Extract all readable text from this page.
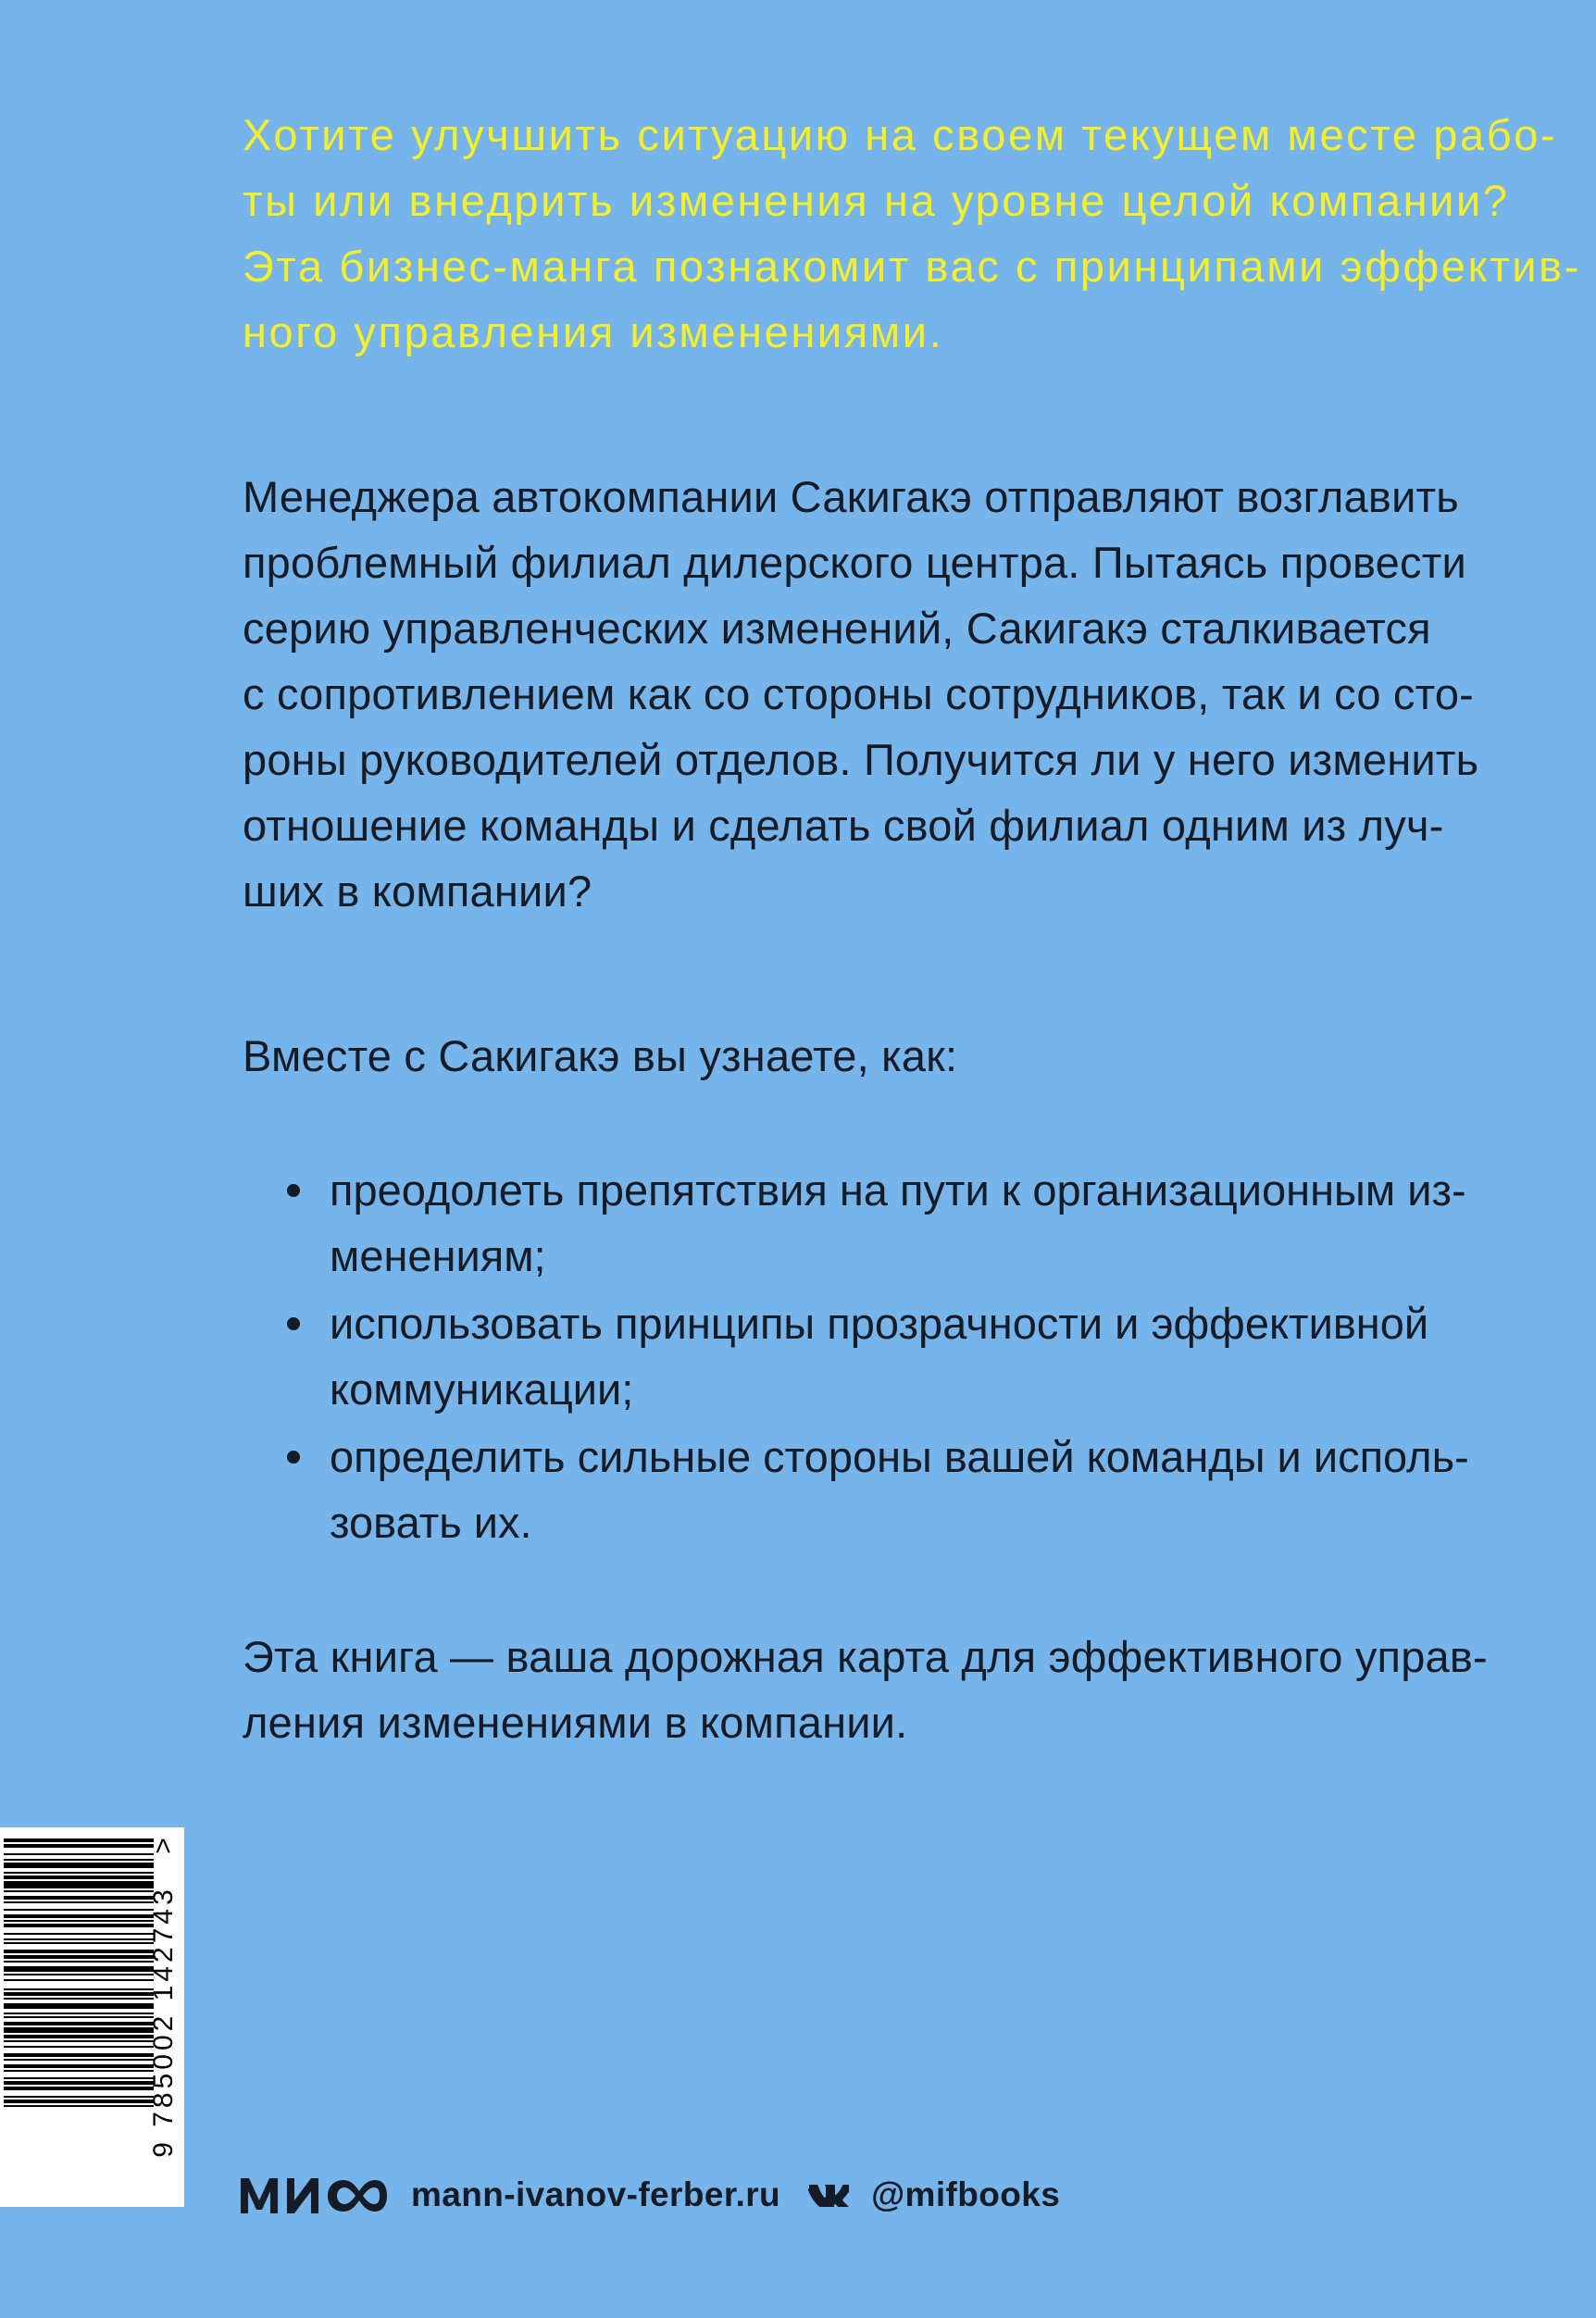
Хотите улучшить ситуацию на своем текущем месте рабо-
ты или внедрить изменения на уровне целой компании?
Эта бизнес-манга познакомит вас с принципами эффектив-
ного управления изменениями.

Менеджера автокомпании Сакигакэ отправляют возглавить
проблемный филиал дилерского центра. Пытаясь провести
серию управленческих изменений, Сакигакэ сталкивается
с сопротивлением как со стороны сотрудников, так и со сто-
роны руководителей отделов. Получится ли у него изменить
отношение команды и сделать свой филиал одним из луч-
ших в компании?

Вместе с Сакигакэ вы узнаете, как:

преодолеть препятствия на пути к организационным из-
менениям;
использовать принципы прозрачности и эффективной
коммуникации;
определить сильные стороны вашей команды и исполь-
зовать их.

Эта книга — ваша дорожная карта для эффективного управ-
ления изменениями в компании.

9 785002 142743
>
mann-ivanov-ferber.ru	@mifbooks
